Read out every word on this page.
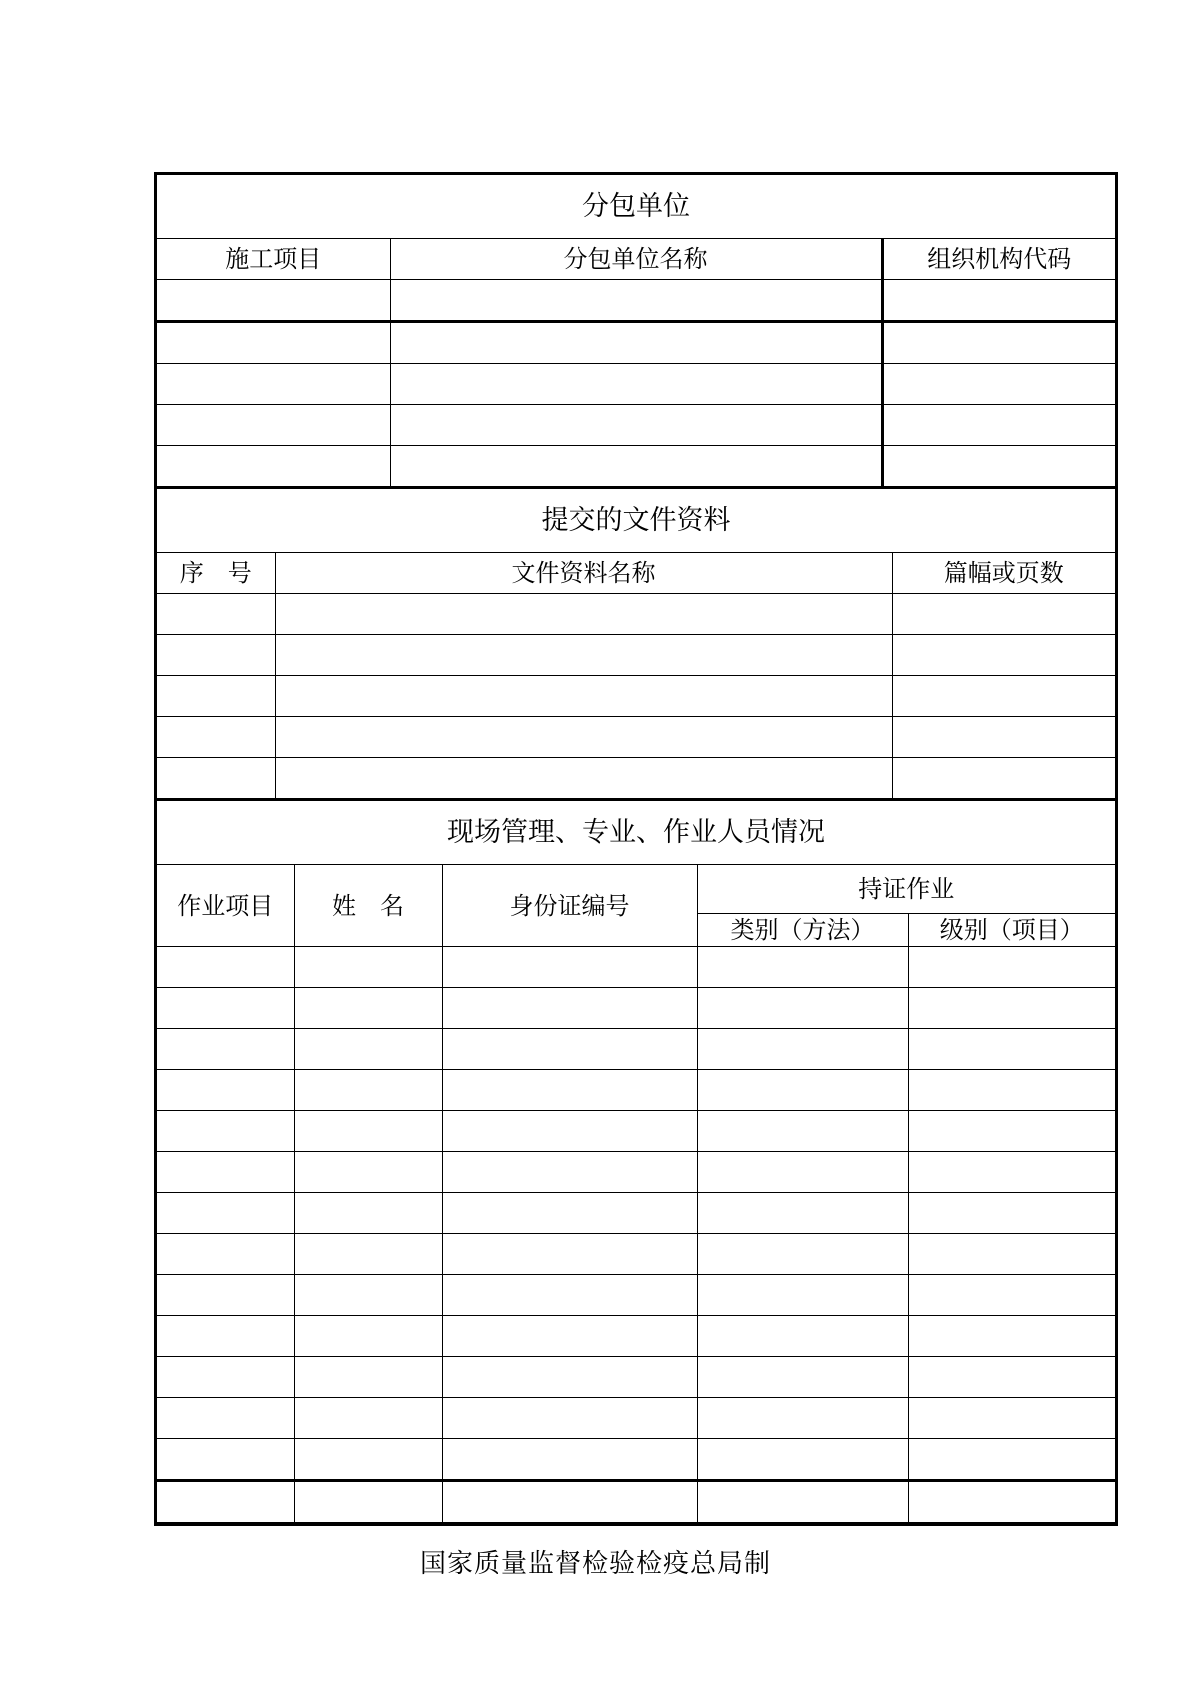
分包单位		
施工项目	分包单位名称	组织机构代码

提交的文件资料		
序　号	文件资料名称	篇幅或页数

现场管理、专业、作业人员情况				
作业项目	姓　名	身份证编号	持证作业	
			类别（方法）	级别（项目）

国家质量监督检验检疫总局制
